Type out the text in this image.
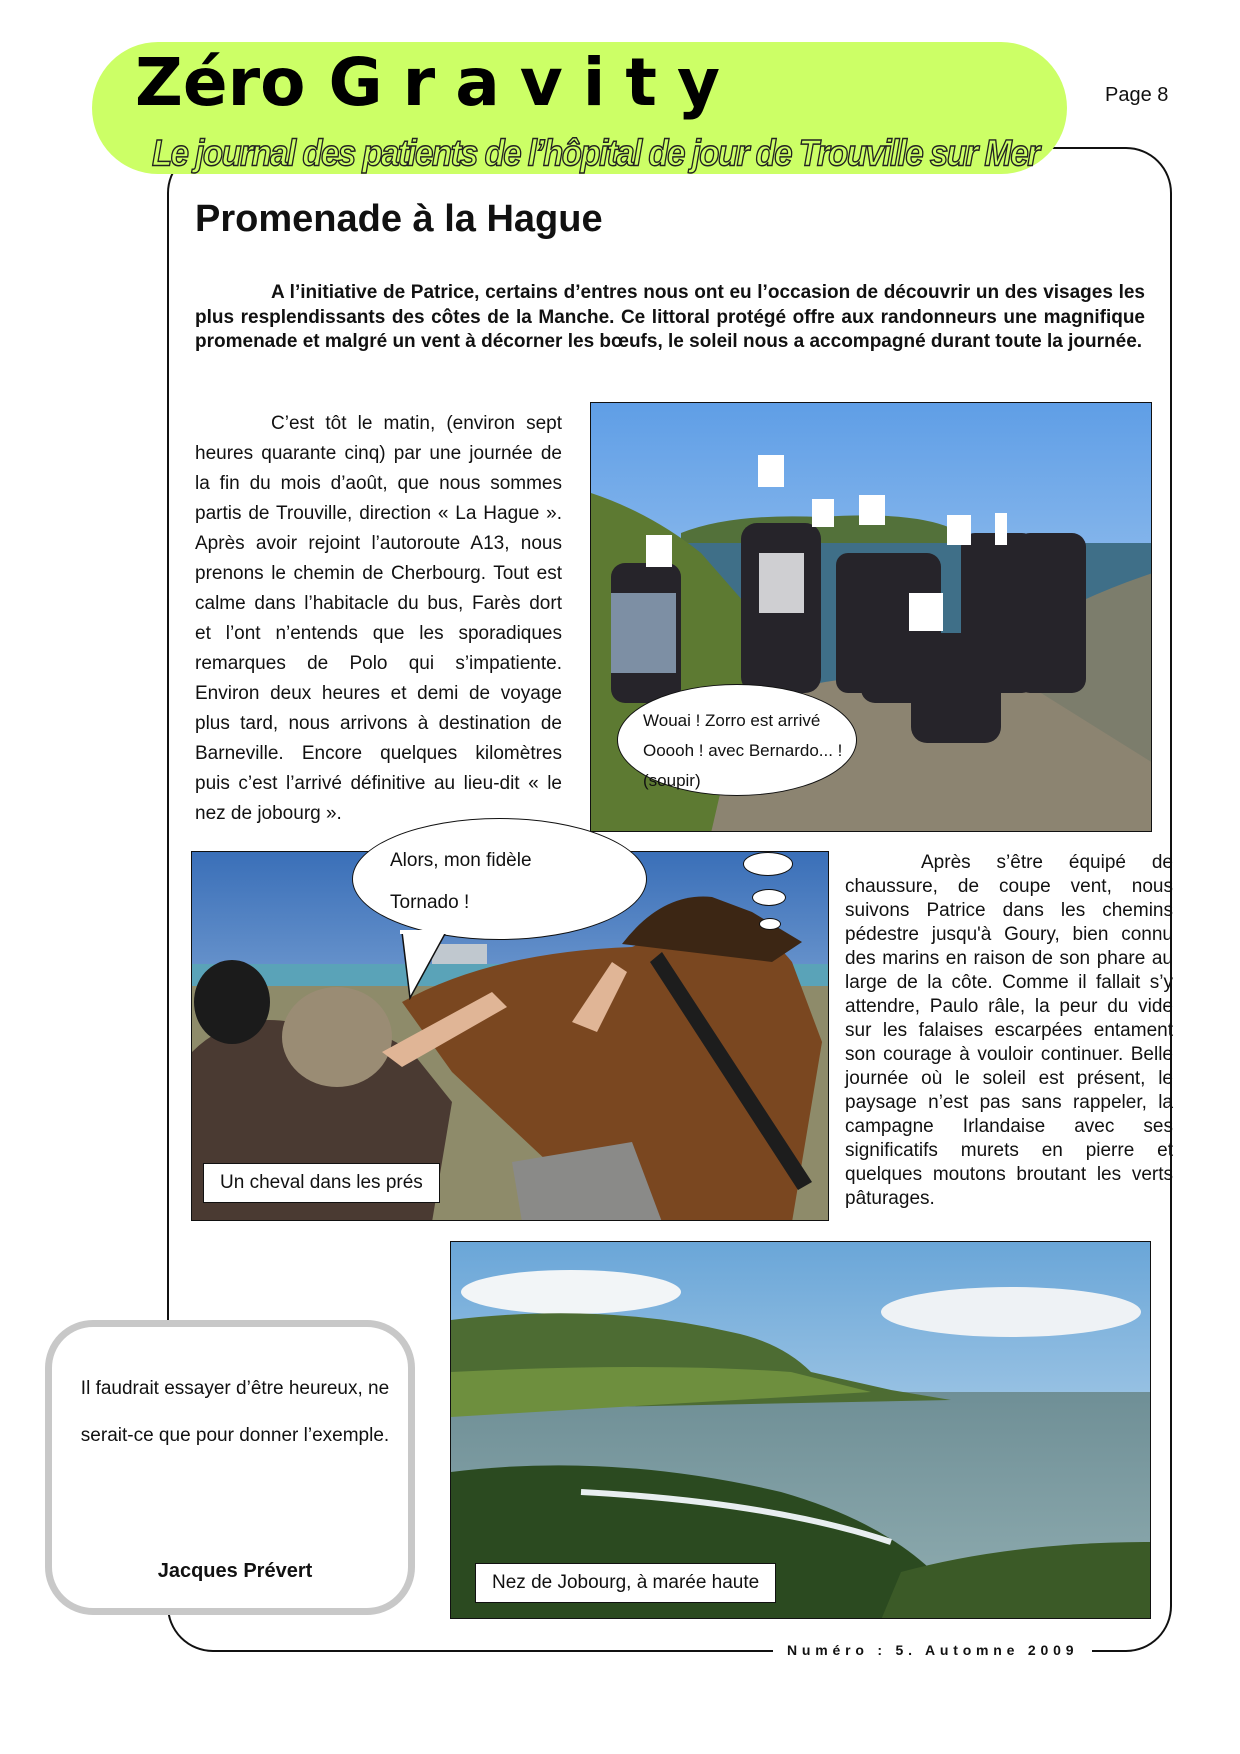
Zéro Gravity
Le journal des patients de l’hôpital de jour de Trouville sur Mer
Page 8
Promenade à la Hague

A l’initiative de Patrice, certains d’entres nous ont eu l’occasion de découvrir un des visages les plus resplendissants des côtes de la Manche. Ce littoral protégé offre aux randonneurs une magnifique promenade et malgré un vent à décorner les bœufs, le soleil nous a accompagné durant toute la journée.

C’est tôt le matin, (environ sept heures quarante cinq) par une journée de la fin du mois d’août, que nous sommes partis de Trouville, direction « La Hague ». Après avoir rejoint l’autoroute A13, nous prenons le chemin de Cherbourg. Tout est calme dans l’habitacle du bus, Farès dort et l’ont n’entends que les sporadiques remarques de Polo qui s’impatiente. Environ deux heures et demi de voyage plus tard, nous arrivons à destination de Barneville. Encore quelques kilomètres puis c’est l’arrivé définitive au lieu-dit « le nez de jobourg ».

Wouai ! Zorro est arrivé Ooooh ! avec Bernardo... ! (soupir)
Alors, mon fidèle
Tornado !
Un cheval dans les prés

Après s’être équipé de chaussure, de coupe vent, nous suivons Patrice dans les chemins pédestre jusqu'à Goury, bien connu des marins en raison de son phare au large de la côte. Comme il fallait s’y attendre, Paulo râle, la peur du vide sur les falaises escarpées entament son courage à vouloir continuer. Belle journée où le soleil est présent, le paysage n’est pas sans rappeler, la campagne Irlandaise avec ses significatifs murets en pierre et quelques moutons broutant les verts pâturages.

Nez de Jobourg, à marée haute

Il faudrait essayer d’être heureux, ne serait-ce que pour donner l’exemple.

Jacques Prévert
Numéro : 5. Automne 2009
